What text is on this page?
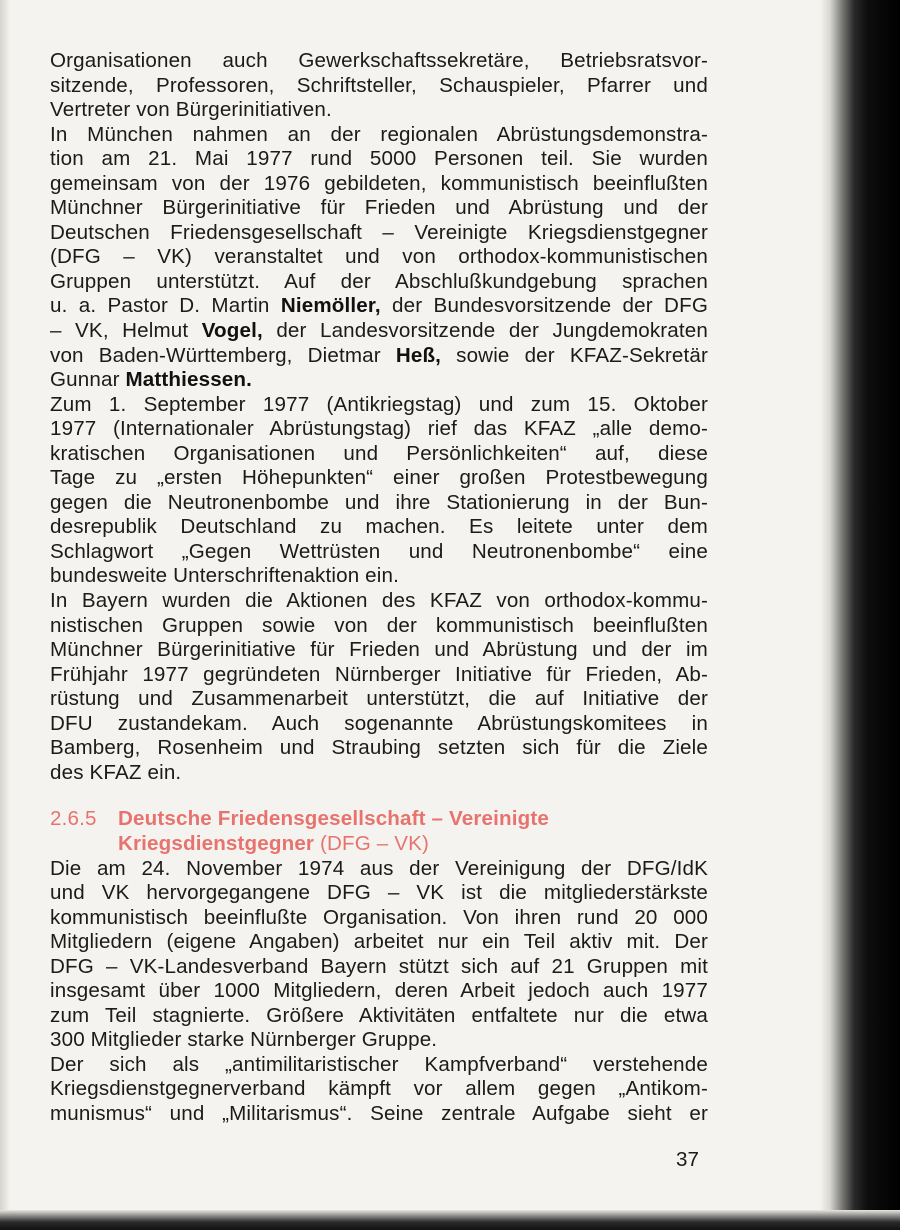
Organisationen auch Gewerkschaftssekretäre, Betriebsratsvor-
sitzende, Professoren, Schriftsteller, Schauspieler, Pfarrer und
Vertreter von Bürgerinitiativen.
In München nahmen an der regionalen Abrüstungsdemonstra-
tion am 21. Mai 1977 rund 5000 Personen teil. Sie wurden
gemeinsam von der 1976 gebildeten, kommunistisch beeinflußten
Münchner Bürgerinitiative für Frieden und Abrüstung und der
Deutschen Friedensgesellschaft – Vereinigte Kriegsdienstgegner
(DFG – VK) veranstaltet und von orthodox-kommunistischen
Gruppen unterstützt. Auf der Abschlußkundgebung sprachen
u. a. Pastor D. Martin Niemöller, der Bundesvorsitzende der DFG
– VK, Helmut Vogel, der Landesvorsitzende der Jungdemokraten
von Baden-Württemberg, Dietmar Heß, sowie der KFAZ-Sekretär
Gunnar Matthiessen.
Zum 1. September 1977 (Antikriegstag) und zum 15. Oktober
1977 (Internationaler Abrüstungstag) rief das KFAZ „alle demo-
kratischen Organisationen und Persönlichkeiten“ auf, diese
Tage zu „ersten Höhepunkten“ einer großen Protestbewegung
gegen die Neutronenbombe und ihre Stationierung in der Bun-
desrepublik Deutschland zu machen. Es leitete unter dem
Schlagwort „Gegen Wettrüsten und Neutronenbombe“ eine
bundesweite Unterschriftenaktion ein.
In Bayern wurden die Aktionen des KFAZ von orthodox-kommu-
nistischen Gruppen sowie von der kommunistisch beeinflußten
Münchner Bürgerinitiative für Frieden und Abrüstung und der im
Frühjahr 1977 gegründeten Nürnberger Initiative für Frieden, Ab-
rüstung und Zusammenarbeit unterstützt, die auf Initiative der
DFU zustandekam. Auch sogenannte Abrüstungskomitees in
Bamberg, Rosenheim und Straubing setzten sich für die Ziele
des KFAZ ein.
2.6.5 Deutsche Friedensgesellschaft – Vereinigte
Kriegsdienstgegner (DFG – VK)
Die am 24. November 1974 aus der Vereinigung der DFG/IdK
und VK hervorgegangene DFG – VK ist die mitgliederstärkste
kommunistisch beeinflußte Organisation. Von ihren rund 20 000
Mitgliedern (eigene Angaben) arbeitet nur ein Teil aktiv mit. Der
DFG – VK-Landesverband Bayern stützt sich auf 21 Gruppen mit
insgesamt über 1000 Mitgliedern, deren Arbeit jedoch auch 1977
zum Teil stagnierte. Größere Aktivitäten entfaltete nur die etwa
300 Mitglieder starke Nürnberger Gruppe.
Der sich als „antimilitaristischer Kampfverband“ verstehende
Kriegsdienstgegnerverband kämpft vor allem gegen „Antikom-
munismus“ und „Militarismus“. Seine zentrale Aufgabe sieht er
37
